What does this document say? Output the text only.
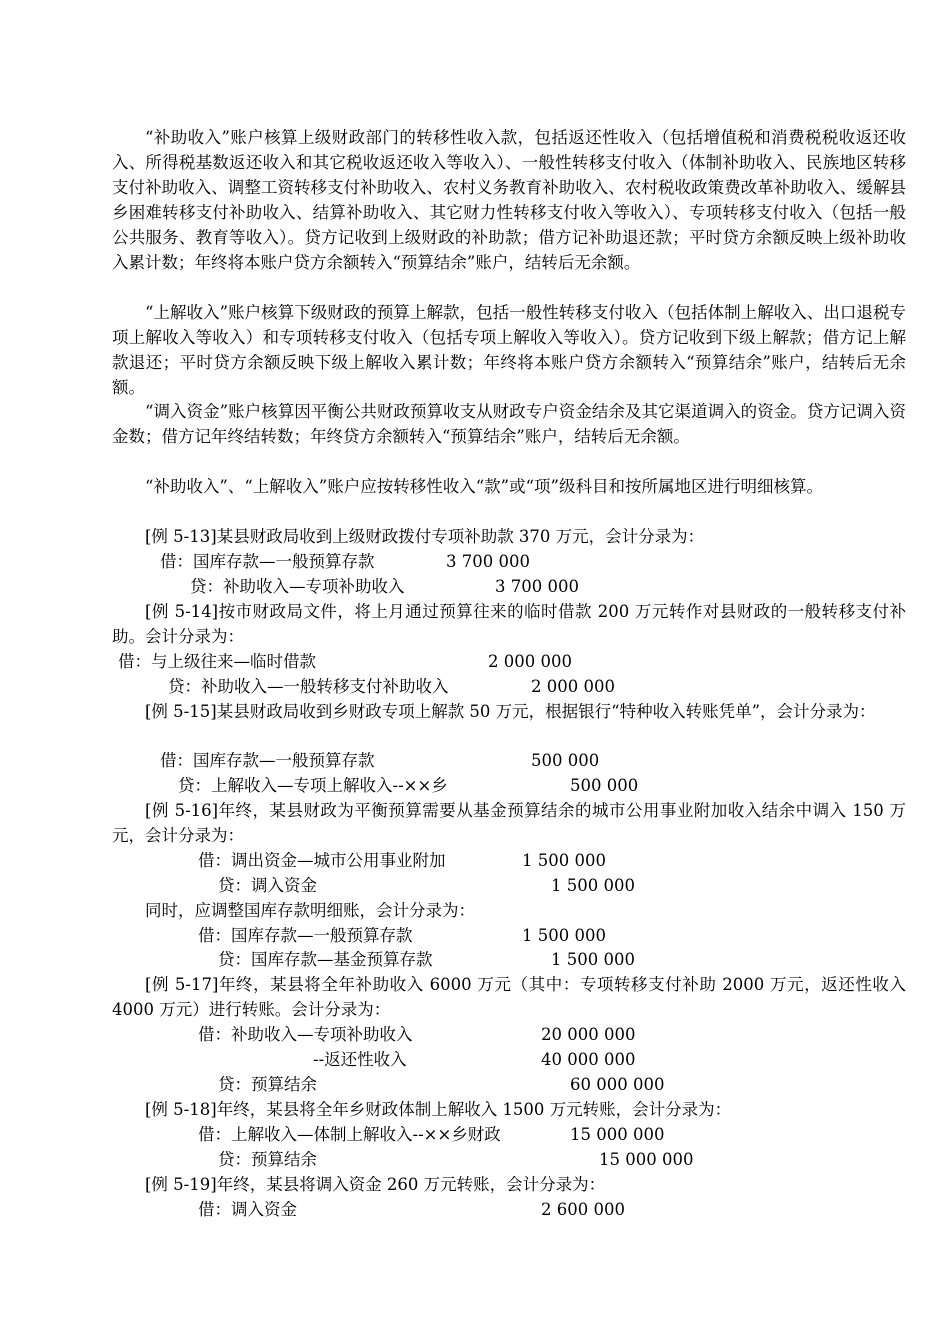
“补助收入”账户核算上级财政部门的转移性收入款，包括返还性收入（包括增值税和消费税税收返还收入、所得税基数返还收入和其它税收返还收入等收入）、一般性转移支付收入（体制补助收入、民族地区转移支付补助收入、调整工资转移支付补助收入、农村义务教育补助收入、农村税收政策费改革补助收入、缓解县乡困难转移支付补助收入、结算补助收入、其它财力性转移支付收入等收入）、专项转移支付收入（包括一般公共服务、教育等收入）。贷方记收到上级财政的补助款；借方记补助退还款；平时贷方余额反映上级补助收入累计数；年终将本账户贷方余额转入“预算结余”账户，结转后无余额。

“上解收入”账户核算下级财政的预算上解款，包括一般性转移支付收入（包括体制上解收入、出口退税专项上解收入等收入）和专项转移支付收入（包括专项上解收入等收入）。贷方记收到下级上解款；借方记上解款退还；平时贷方余额反映下级上解收入累计数；年终将本账户贷方余额转入“预算结余”账户，结转后无余额。

“调入资金”账户核算因平衡公共财政预算收支从财政专户资金结余及其它渠道调入的资金。贷方记调入资金数；借方记年终结转数；年终贷方余额转入“预算结余”账户，结转后无余额。

“补助收入”、“上解收入”账户应按转移性收入“款”或“项”级科目和按所属地区进行明细核算。

[例 5-13]某县财政局收到上级财政拨付专项补助款 370 万元，会计分录为：

借：国库存款—一般预算存款	3 700 000
贷：补助收入—专项补助收入	3 700 000

[例 5-14]按市财政局文件，将上月通过预算往来的临时借款 200 万元转作对县财政的一般转移支付补助。会计分录为：

借：与上级往来—临时借款	2 000 000
贷：补助收入—一般转移支付补助收入	2 000 000

[例 5-15]某县财政局收到乡财政专项上解款 50 万元，根据银行“特种收入转账凭单”，会计分录为：

借：国库存款—一般预算存款	500 000
贷：上解收入—专项上解收入--××乡	500 000

[例 5-16]年终，某县财政为平衡预算需要从基金预算结余的城市公用事业附加收入结余中调入 150 万元，会计分录为：

借：调出资金—城市公用事业附加	1 500 000
贷：调入资金	1 500 000

同时，应调整国库存款明细账，会计分录为：

借：国库存款—一般预算存款	1 500 000
贷：国库存款—基金预算存款	1 500 000

[例 5-17]年终，某县将全年补助收入 6000 万元（其中：专项转移支付补助 2000 万元，返还性收入 4000 万元）进行转账。会计分录为：

借：补助收入—专项补助收入	20 000 000
--返还性收入	40 000 000
贷：预算结余	60 000 000

[例 5-18]年终，某县将全年乡财政体制上解收入 1500 万元转账，会计分录为：

借：上解收入—体制上解收入--××乡财政	15 000 000
贷：预算结余	15 000 000

[例 5-19]年终，某县将调入资金 260 万元转账，会计分录为：

借：调入资金	2 600 000
